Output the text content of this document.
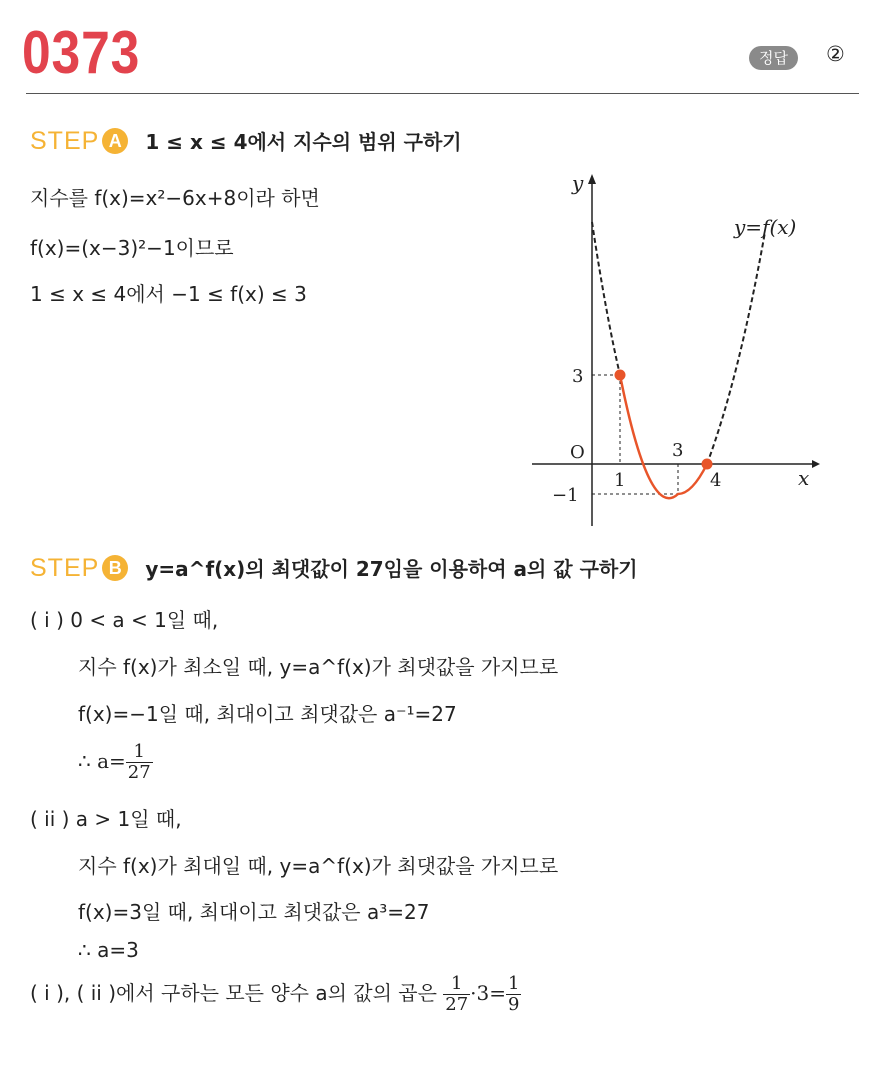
0373	정답	②
STEP A 1 ≤ x ≤ 4에서 지수의 범위 구하기
지수를 f(x)=x²−6x+8이라 하면
f(x)=(x−3)²−1이므로
1 ≤ x ≤ 4에서 −1 ≤ f(x) ≤ 3
y
x
O
y=f(x)
1
3
4
3
−1
STEP B y=a^f(x)의 최댓값이 27임을 이용하여 a의 값 구하기
( i ) 0 < a < 1일 때,
지수 f(x)가 최소일 때, y=a^f(x)가 최댓값을 가지므로
f(x)=−1일 때, 최대이고 최댓값은 a⁻¹=27
∴ $a= \frac{1}{27}$
( ii ) a > 1일 때,
지수 f(x)가 최대일 때, y=a^f(x)가 최댓값을 가지므로
f(x)=3일 때, 최대이고 최댓값은 a³=27
∴ a=3
( i ), ( ii )에서 구하는 모든 양수 a의 값의 곱은 $\frac{1}{27} \cdot 3= \frac{1}{9}$
